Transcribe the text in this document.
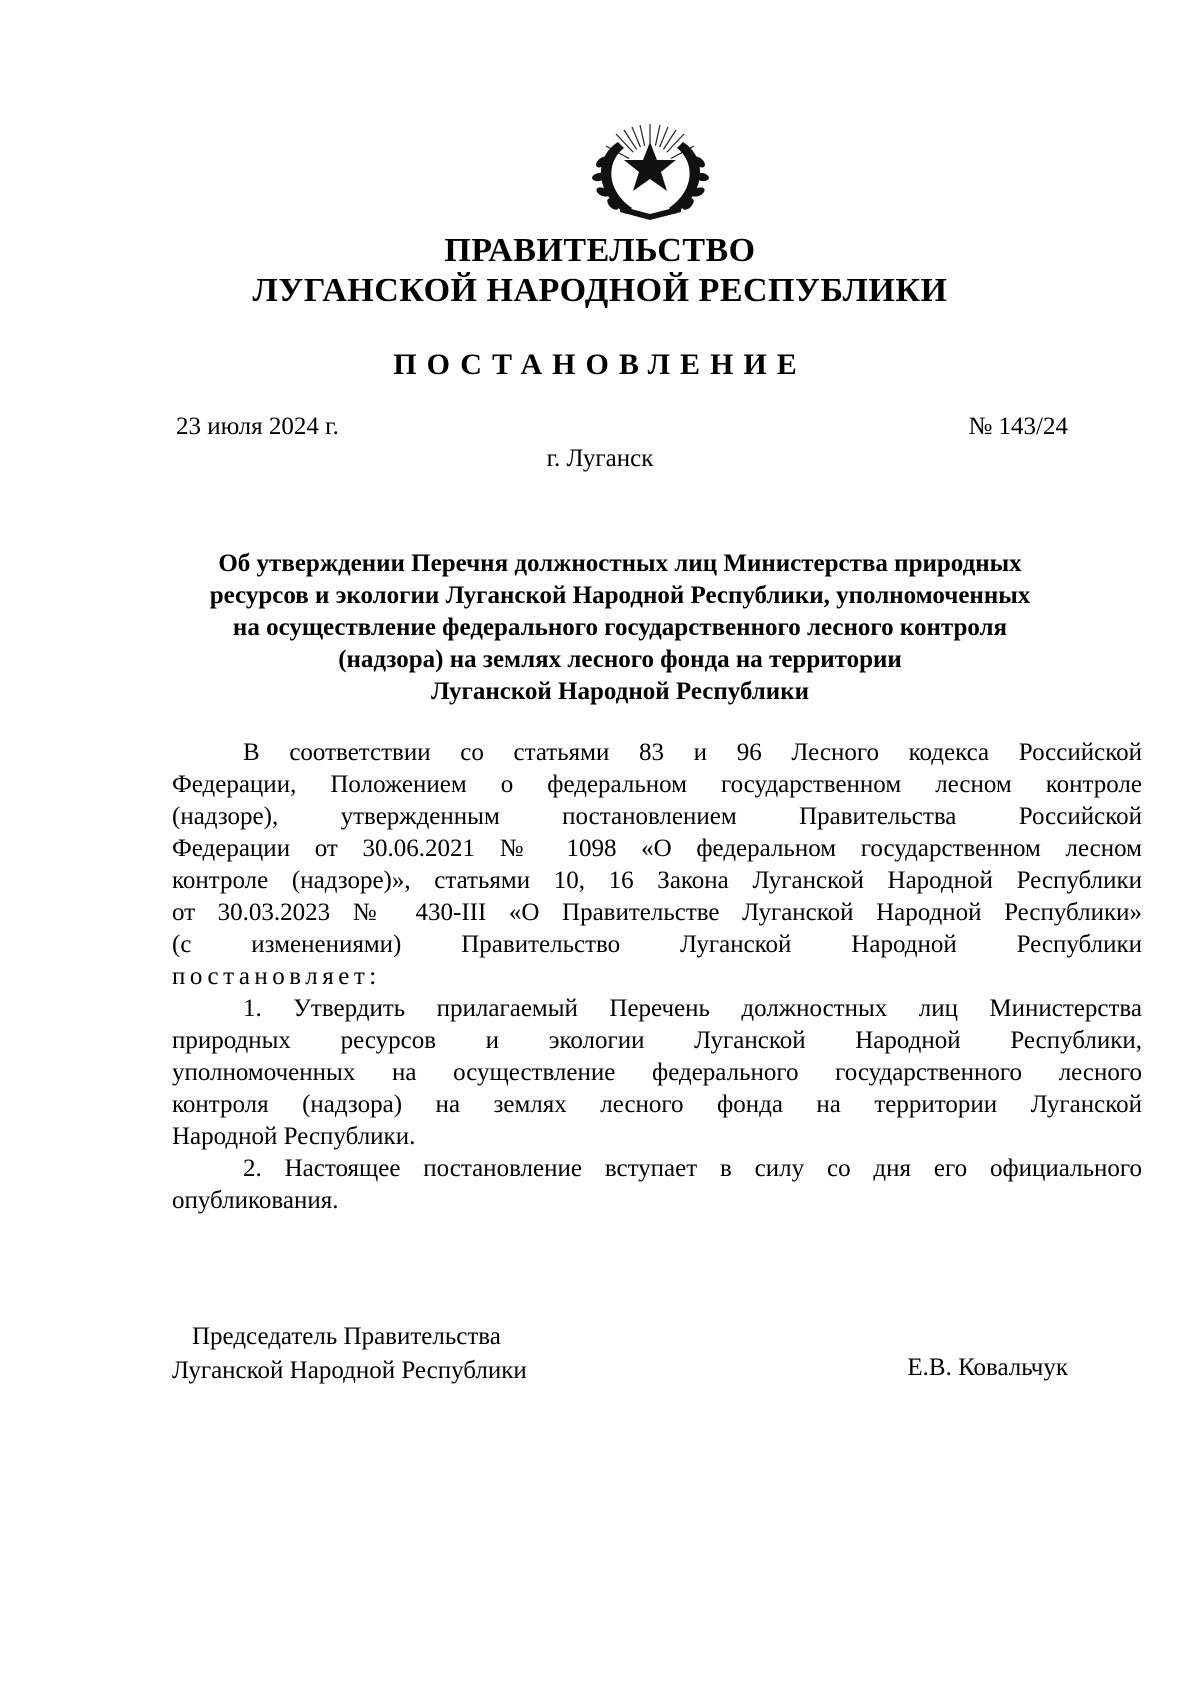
ПРАВИТЕЛЬСТВО
ЛУГАНСКОЙ НАРОДНОЙ РЕСПУБЛИКИ
ПОСТАНОВЛЕНИЕ
23 июля 2024 г.	№ 143/24
г. Луганск
Об утверждении Перечня должностных лиц Министерства природных
ресурсов и экологии Луганской Народной Республики, уполномоченных
на осуществление федерального государственного лесного контроля
(надзора) на землях лесного фонда на территории
Луганской Народной Республики
В соответствии со статьями 83 и 96 Лесного кодекса Российской
Федерации, Положением о федеральном государственном лесном контроле
(надзоре), утвержденным постановлением Правительства Российской
Федерации от 30.06.2021 № 1098 «О федеральном государственном лесном
контроле (надзоре)», статьями 10, 16 Закона Луганской Народной Республики
от 30.03.2023 № 430-III «О Правительстве Луганской Народной Республики»
(с изменениями) Правительство Луганской Народной Республики
постановляет:
1. Утвердить прилагаемый Перечень должностных лиц Министерства
природных ресурсов и экологии Луганской Народной Республики,
уполномоченных на осуществление федерального государственного лесного
контроля (надзора) на землях лесного фонда на территории Луганской
Народной Республики.
2. Настоящее постановление вступает в силу со дня его официального
опубликования.
Председатель Правительства
Луганской Народной Республики	Е.В. Ковальчук
